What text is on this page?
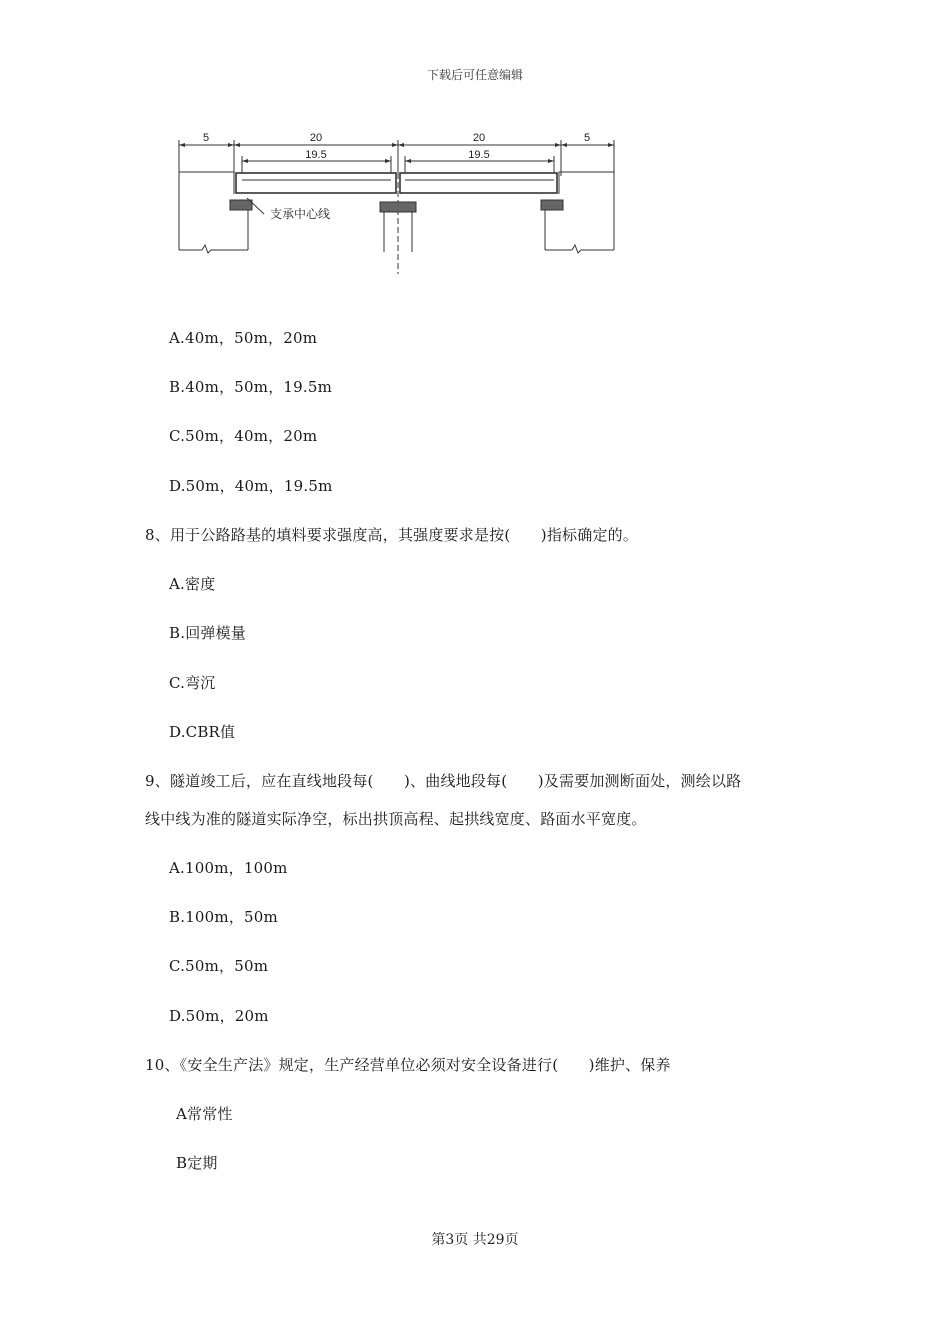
下载后可任意编辑
5	20
19.5
20
19.5
5
支承中心线
A.40m，50m，20m
B.40m，50m，19.5m
C.50m，40m，20m
D.50m，40m，19.5m
8、用于公路路基的填料要求强度高，其强度要求是按(　　)指标确定的。
A.密度
B.回弹模量
C.弯沉
D.CBR值
9、隧道竣工后，应在直线地段每(　　)、曲线地段每(　　)及需要加测断面处，测绘以路
线中线为准的隧道实际净空，标出拱顶高程、起拱线宽度、路面水平宽度。
A.100m，100m
B.100m，50m
C.50m，50m
D.50m，20m
10、《安全生产法》规定，生产经营单位必须对安全设备进行(　　)维护、保养
A常常性
B定期
第3页 共29页
